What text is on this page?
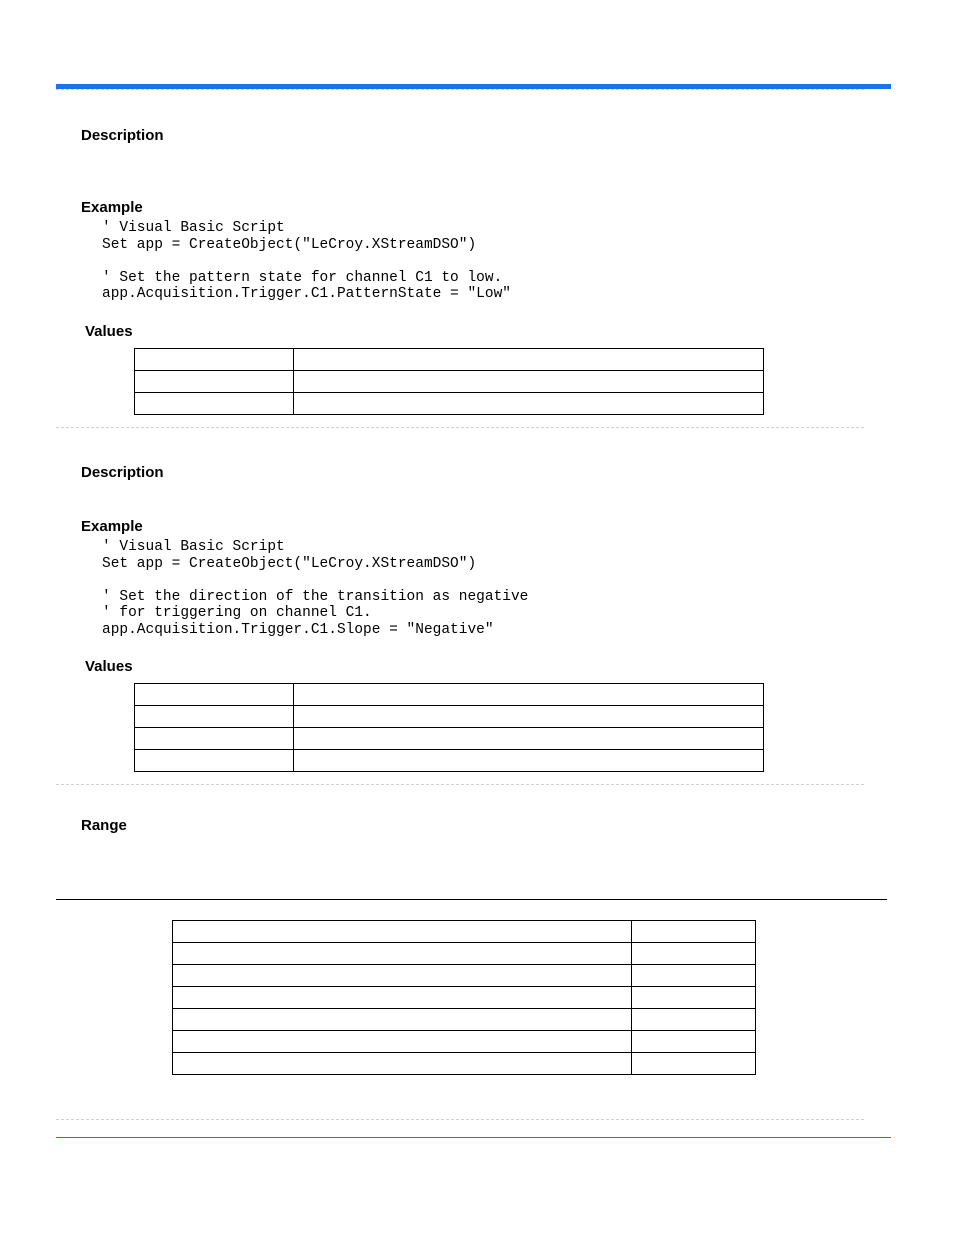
Description
Example
' Visual Basic Script
Set app = CreateObject("LeCroy.XStreamDSO")
' Set the pattern state for channel C1 to low.
app.Acquisition.Trigger.C1.PatternState = "Low"
Values

Description
Example
' Visual Basic Script
Set app = CreateObject("LeCroy.XStreamDSO")
' Set the direction of the transition as negative
' for triggering on channel C1.
app.Acquisition.Trigger.C1.Slope = "Negative"
Values

Range
